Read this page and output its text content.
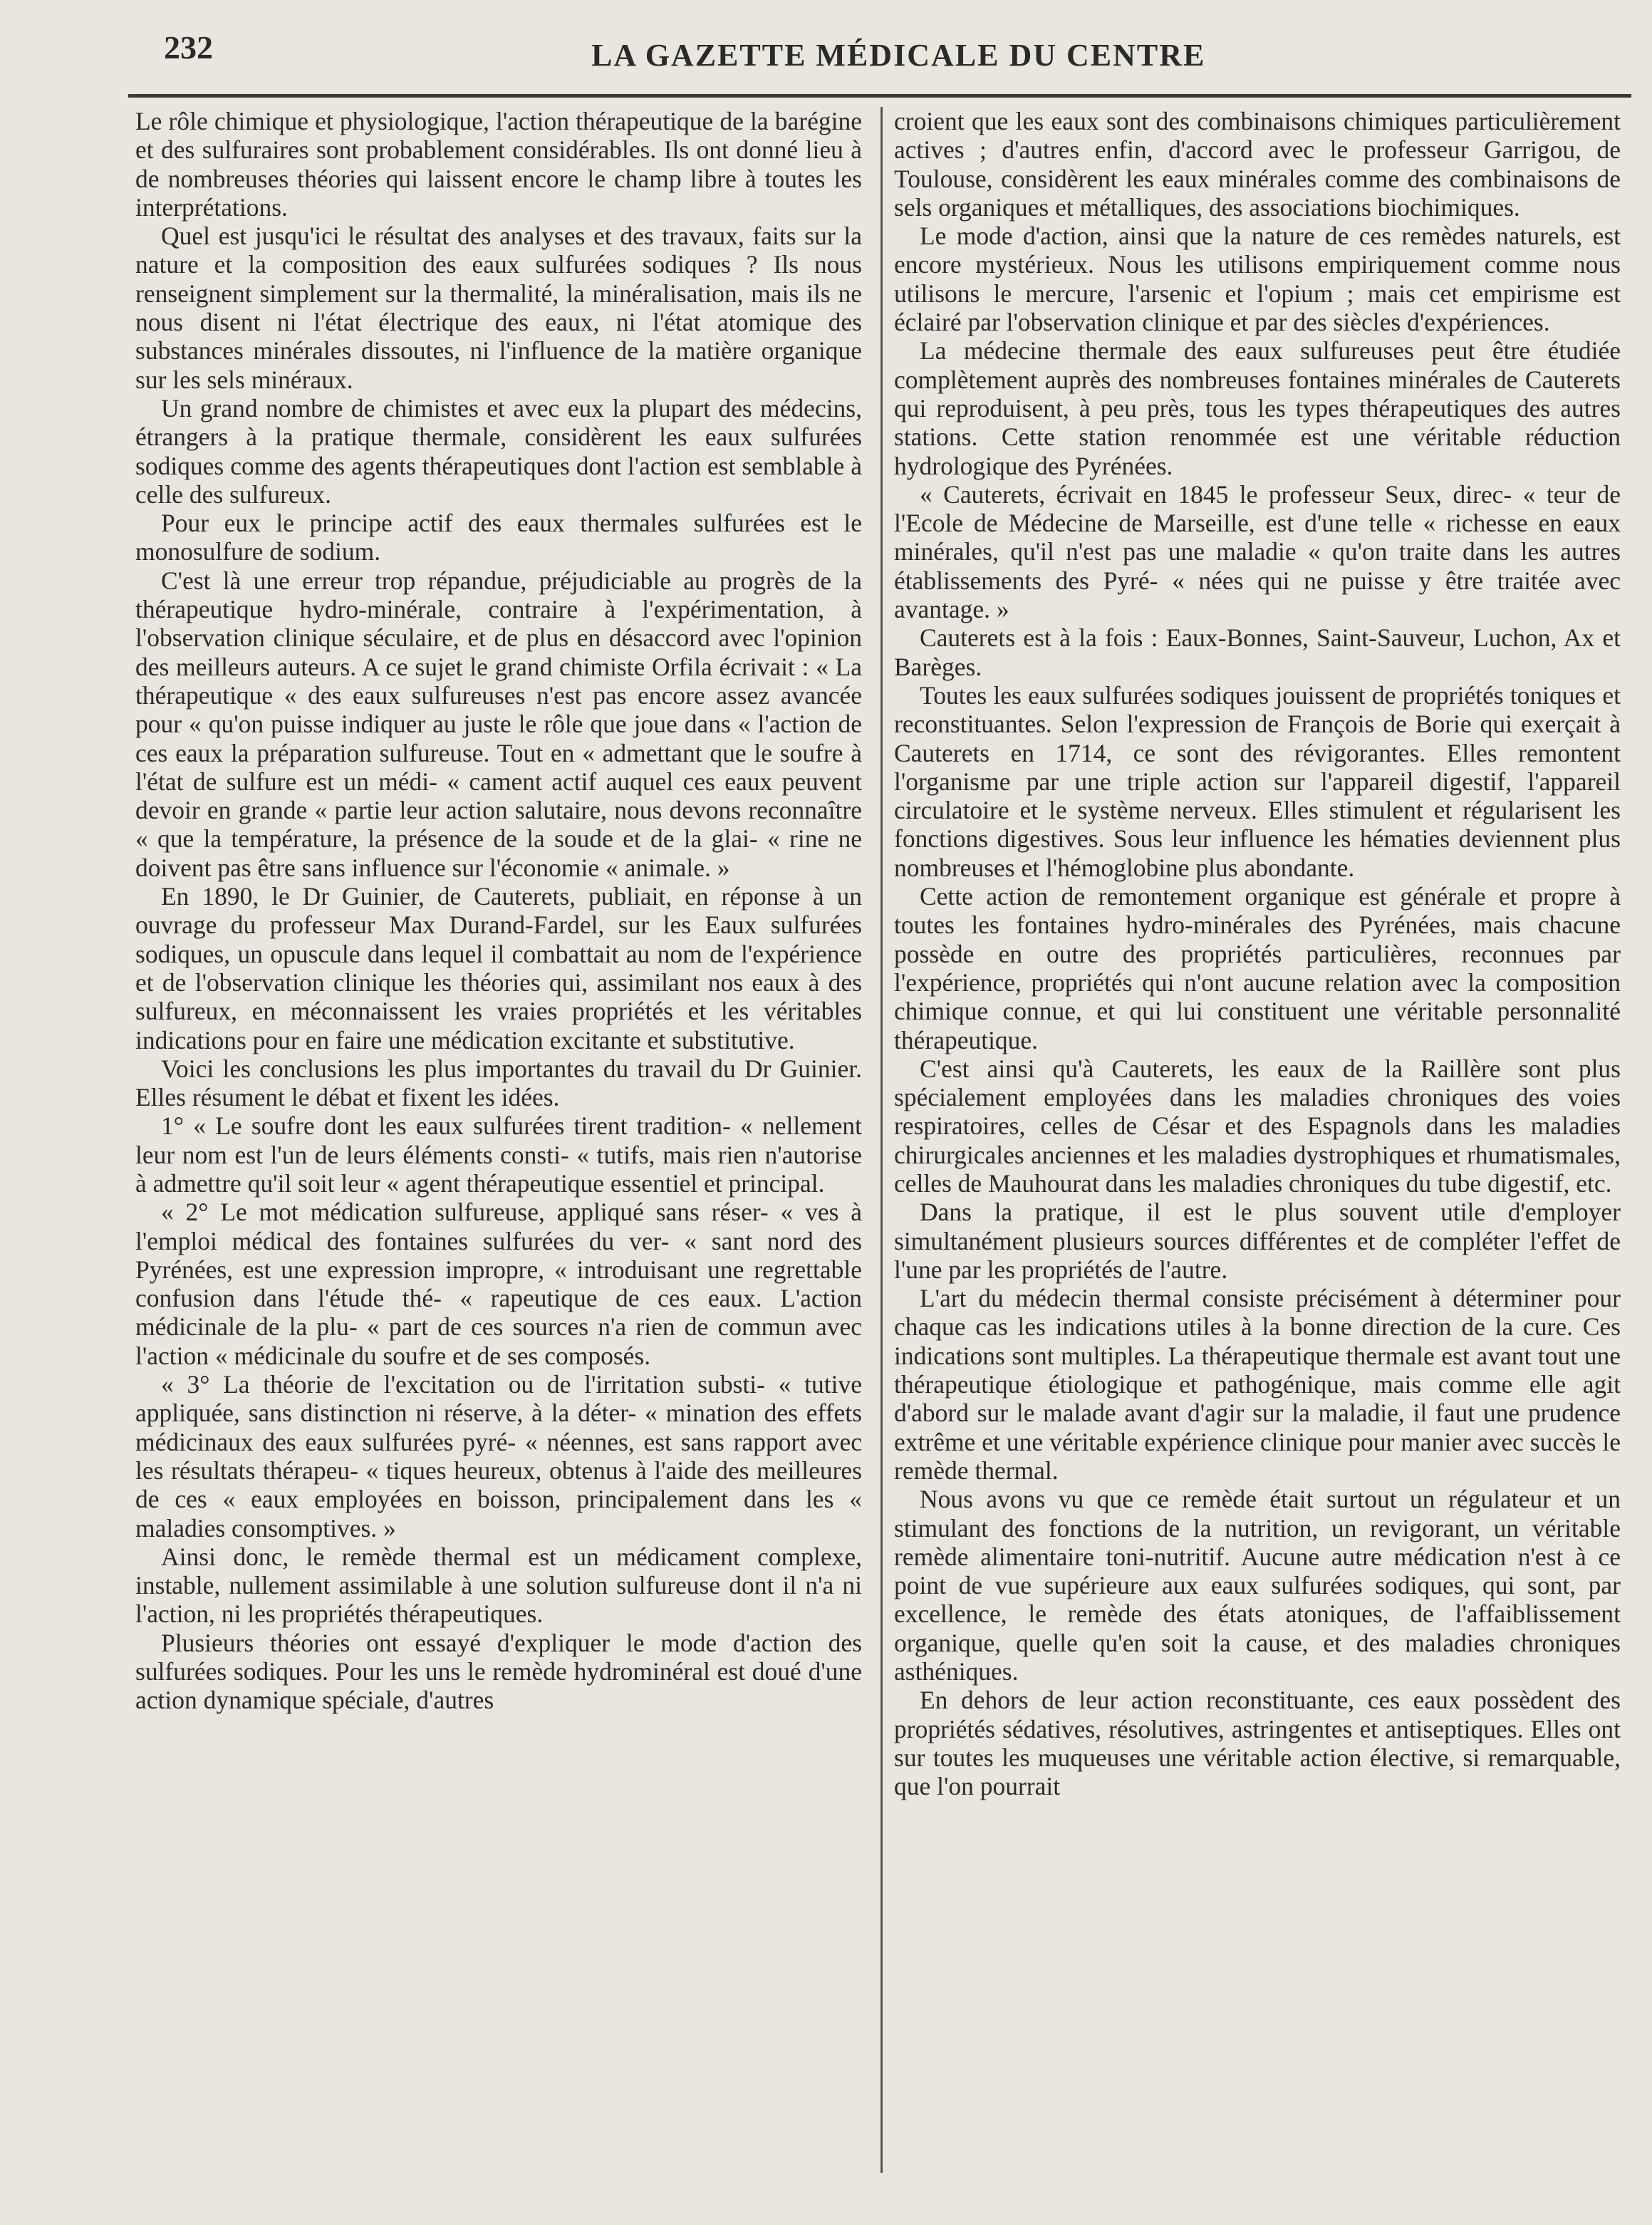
232	LA GAZETTE MÉDICALE DU CENTRE

Le rôle chimique et physiologique, l'action thérapeutique de la barégine et des sulfuraires sont probablement considérables. Ils ont donné lieu à de nombreuses théories qui laissent encore le champ libre à toutes les interprétations.

Quel est jusqu'ici le résultat des analyses et des travaux, faits sur la nature et la composition des eaux sulfurées sodiques ? Ils nous renseignent simplement sur la thermalité, la minéralisation, mais ils ne nous disent ni l'état électrique des eaux, ni l'état atomique des substances minérales dissoutes, ni l'influence de la matière organique sur les sels minéraux.

Un grand nombre de chimistes et avec eux la plupart des médecins, étrangers à la pratique thermale, considèrent les eaux sulfurées sodiques comme des agents thérapeutiques dont l'action est semblable à celle des sulfureux.

Pour eux le principe actif des eaux thermales sulfurées est le monosulfure de sodium.

C'est là une erreur trop répandue, préjudiciable au progrès de la thérapeutique hydro-minérale, contraire à l'expérimentation, à l'observation clinique séculaire, et de plus en désaccord avec l'opinion des meilleurs auteurs. A ce sujet le grand chimiste Orfila écrivait : « La thérapeutique « des eaux sulfureuses n'est pas encore assez avancée pour « qu'on puisse indiquer au juste le rôle que joue dans « l'action de ces eaux la préparation sulfureuse. Tout en « admettant que le soufre à l'état de sulfure est un médi- « cament actif auquel ces eaux peuvent devoir en grande « partie leur action salutaire, nous devons reconnaître « que la température, la présence de la soude et de la glai- « rine ne doivent pas être sans influence sur l'économie « animale. »

En 1890, le Dr Guinier, de Cauterets, publiait, en réponse à un ouvrage du professeur Max Durand-Fardel, sur les Eaux sulfurées sodiques, un opuscule dans lequel il combattait au nom de l'expérience et de l'observation clinique les théories qui, assimilant nos eaux à des sulfureux, en méconnaissent les vraies propriétés et les véritables indications pour en faire une médication excitante et substitutive.

Voici les conclusions les plus importantes du travail du Dr Guinier. Elles résument le débat et fixent les idées.

1° « Le soufre dont les eaux sulfurées tirent tradition- « nellement leur nom est l'un de leurs éléments consti- « tutifs, mais rien n'autorise à admettre qu'il soit leur « agent thérapeutique essentiel et principal.

« 2° Le mot médication sulfureuse, appliqué sans réser- « ves à l'emploi médical des fontaines sulfurées du ver- « sant nord des Pyrénées, est une expression impropre, « introduisant une regrettable confusion dans l'étude thé- « rapeutique de ces eaux. L'action médicinale de la plu- « part de ces sources n'a rien de commun avec l'action « médicinale du soufre et de ses composés.

« 3° La théorie de l'excitation ou de l'irritation substi- « tutive appliquée, sans distinction ni réserve, à la déter- « mination des effets médicinaux des eaux sulfurées pyré- « néennes, est sans rapport avec les résultats thérapeu- « tiques heureux, obtenus à l'aide des meilleures de ces « eaux employées en boisson, principalement dans les « maladies consomptives. »

Ainsi donc, le remède thermal est un médicament complexe, instable, nullement assimilable à une solution sulfureuse dont il n'a ni l'action, ni les propriétés thérapeutiques.

Plusieurs théories ont essayé d'expliquer le mode d'action des sulfurées sodiques. Pour les uns le remède hydrominéral est doué d'une action dynamique spéciale, d'autres

croient que les eaux sont des combinaisons chimiques particulièrement actives ; d'autres enfin, d'accord avec le professeur Garrigou, de Toulouse, considèrent les eaux minérales comme des combinaisons de sels organiques et métalliques, des associations biochimiques.

Le mode d'action, ainsi que la nature de ces remèdes naturels, est encore mystérieux. Nous les utilisons empiriquement comme nous utilisons le mercure, l'arsenic et l'opium ; mais cet empirisme est éclairé par l'observation clinique et par des siècles d'expériences.

La médecine thermale des eaux sulfureuses peut être étudiée complètement auprès des nombreuses fontaines minérales de Cauterets qui reproduisent, à peu près, tous les types thérapeutiques des autres stations. Cette station renommée est une véritable réduction hydrologique des Pyrénées.

« Cauterets, écrivait en 1845 le professeur Seux, direc- « teur de l'Ecole de Médecine de Marseille, est d'une telle « richesse en eaux minérales, qu'il n'est pas une maladie « qu'on traite dans les autres établissements des Pyré- « nées qui ne puisse y être traitée avec avantage. »

Cauterets est à la fois : Eaux-Bonnes, Saint-Sauveur, Luchon, Ax et Barèges.

Toutes les eaux sulfurées sodiques jouissent de propriétés toniques et reconstituantes. Selon l'expression de François de Borie qui exerçait à Cauterets en 1714, ce sont des révigorantes. Elles remontent l'organisme par une triple action sur l'appareil digestif, l'appareil circulatoire et le système nerveux. Elles stimulent et régularisent les fonctions digestives. Sous leur influence les hématies deviennent plus nombreuses et l'hémoglobine plus abondante.

Cette action de remontement organique est générale et propre à toutes les fontaines hydro-minérales des Pyrénées, mais chacune possède en outre des propriétés particulières, reconnues par l'expérience, propriétés qui n'ont aucune relation avec la composition chimique connue, et qui lui constituent une véritable personnalité thérapeutique.

C'est ainsi qu'à Cauterets, les eaux de la Raillère sont plus spécialement employées dans les maladies chroniques des voies respiratoires, celles de César et des Espagnols dans les maladies chirurgicales anciennes et les maladies dystrophiques et rhumatismales, celles de Mauhourat dans les maladies chroniques du tube digestif, etc.

Dans la pratique, il est le plus souvent utile d'employer simultanément plusieurs sources différentes et de compléter l'effet de l'une par les propriétés de l'autre.

L'art du médecin thermal consiste précisément à déterminer pour chaque cas les indications utiles à la bonne direction de la cure. Ces indications sont multiples. La thérapeutique thermale est avant tout une thérapeutique étiologique et pathogénique, mais comme elle agit d'abord sur le malade avant d'agir sur la maladie, il faut une prudence extrême et une véritable expérience clinique pour manier avec succès le remède thermal.

Nous avons vu que ce remède était surtout un régulateur et un stimulant des fonctions de la nutrition, un revigorant, un véritable remède alimentaire toni-nutritif. Aucune autre médication n'est à ce point de vue supérieure aux eaux sulfurées sodiques, qui sont, par excellence, le remède des états atoniques, de l'affaiblissement organique, quelle qu'en soit la cause, et des maladies chroniques asthéniques.

En dehors de leur action reconstituante, ces eaux possèdent des propriétés sédatives, résolutives, astringentes et antiseptiques. Elles ont sur toutes les muqueuses une véritable action élective, si remarquable, que l'on pourrait
